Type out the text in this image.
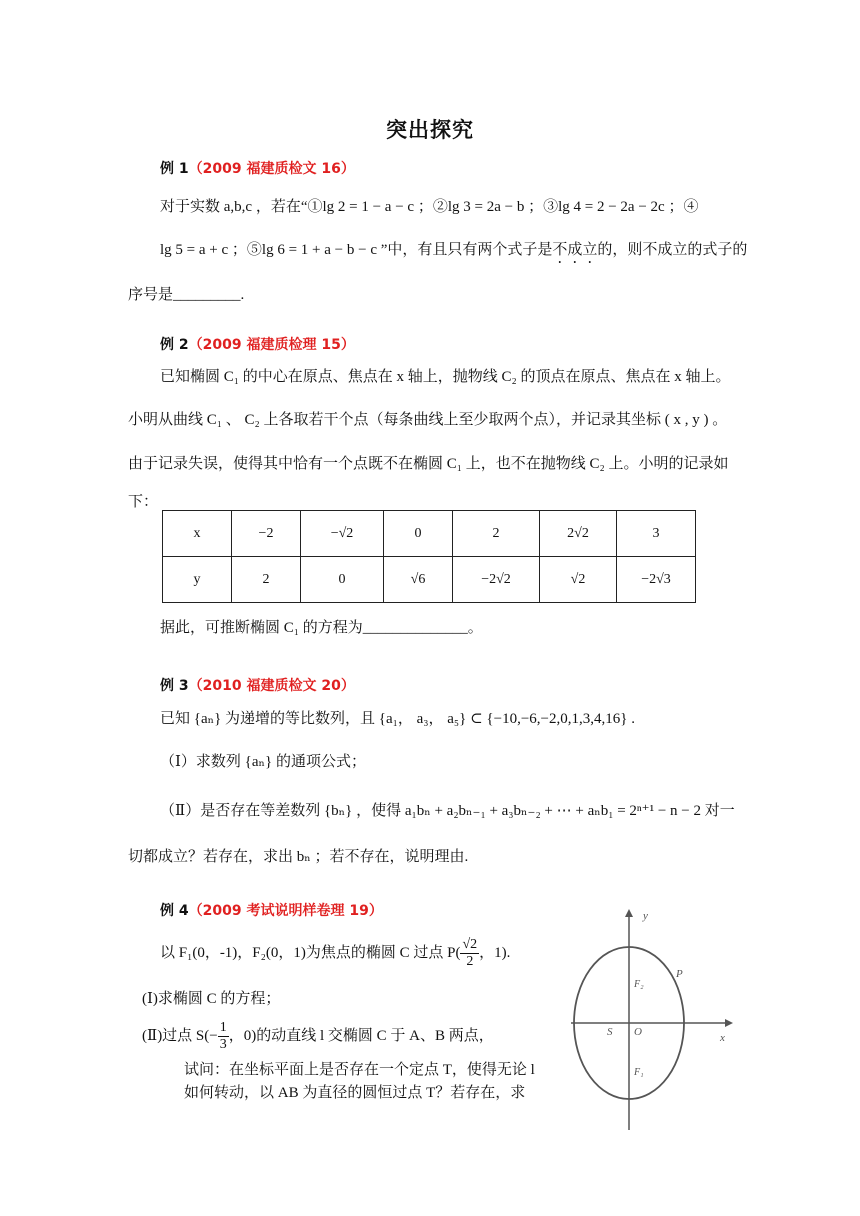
突出探究
例 1（2009 福建质检文 16）
对于实数 a,b,c ，若在“①lg 2 = 1 − a − c ；②lg 3 = 2a − b ；③lg 4 = 2 − 2a − 2c ；④
lg 5 = a + c ；⑤lg 6 = 1 + a − b − c ”中，有且只有两个式子是不成立的，则不成立的式子的
序号是_________.
例 2（2009 福建质检理 15）
已知椭圆 C₁ 的中心在原点、焦点在 x 轴上，抛物线 C₂ 的顶点在原点、焦点在 x 轴上。
小明从曲线 C₁ 、 C₂ 上各取若干个点（每条曲线上至少取两个点），并记录其坐标 ( x , y ) 。
由于记录失误，使得其中恰有一个点既不在椭圆 C₁ 上，也不在抛物线 C₂ 上。小明的记录如
下：
x	−2	−√2	0	2	2√2	3
y	2	0	√6	−2√2	√2	−2√3
据此，可推断椭圆 C₁ 的方程为______________。
例 3（2010 福建质检文 20）
已知 {aₙ} 为递增的等比数列，且 {a₁， a₃， a₅} ⊂ {−10,−6,−2,0,1,3,4,16} .
（Ⅰ）求数列 {aₙ} 的通项公式；
（Ⅱ）是否存在等差数列 {bₙ} ，使得 a₁bₙ + a₂bₙ₋₁ + a₃bₙ₋₂ + ⋯ + aₙb₁ = 2ⁿ⁺¹ − n − 2 对一
切都成立？若存在，求出 bₙ ；若不存在，说明理由.
例 4（2009 考试说明样卷理 19）
以 F₁(0，-1)，F₂(0，1)为焦点的椭圆 C 过点 $P( \frac{√2}{2}$ ，1).
(Ⅰ)求椭圆 C 的方程；
(Ⅱ)过点 $S(- \frac{1}{3}$ ，0)的动直线 l 交椭圆 C 于 A、B 两点，
试问：在坐标平面上是否存在一个定点 T，使得无论 l
如何转动，以 AB 为直径的圆恒过点 T？若存在，求
y
x
O
S
P
F₂
F₁
